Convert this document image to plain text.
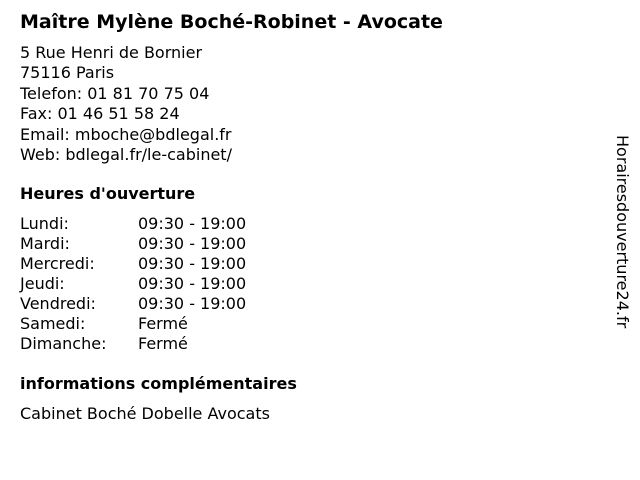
Maître Mylène Boché-Robinet - Avocate
5 Rue Henri de Bornier
75116 Paris
Telefon: 01 81 70 75 04
Fax: 01 46 51 58 24
Email: mboche@bdlegal.fr
Web: bdlegal.fr/le-cabinet/
Heures d'ouverture
Lundi:	09:30 - 19:00
Mardi:	09:30 - 19:00
Mercredi:	09:30 - 19:00
Jeudi:	09:30 - 19:00
Vendredi:	09:30 - 19:00
Samedi:	Fermé
Dimanche: Fermé
informations complémentaires
Cabinet Boché Dobelle Avocats
Horairesdouverture24.fr
